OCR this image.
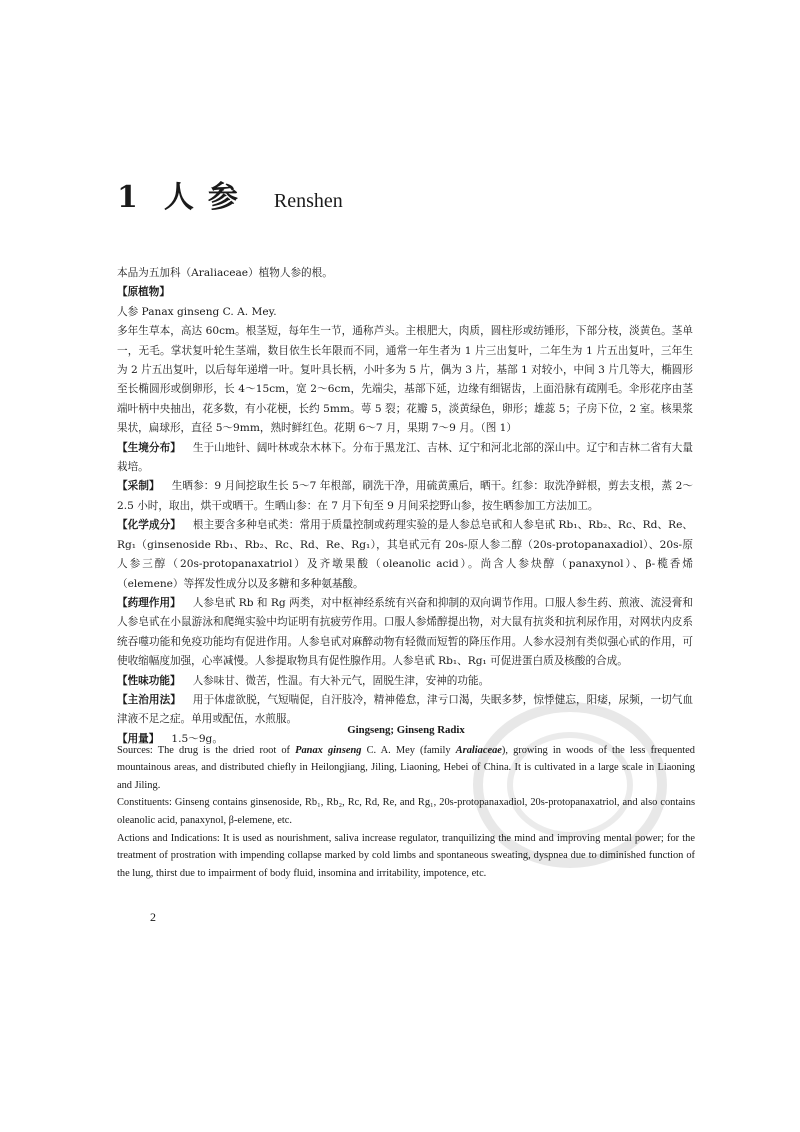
1 人参 Renshen

本品为五加科（Araliaceae）植物人参的根。

【原植物】

人参 Panax ginseng C. A. Mey.

多年生草本，高达 60cm。根茎短，每年生一节，通称芦头。主根肥大，肉质，圆柱形或纺锤形，下部分枝，淡黄色。茎单一，无毛。掌状复叶轮生茎端，数目依生长年限而不同，通常一年生者为 1 片三出复叶，二年生为 1 片五出复叶，三年生为 2 片五出复叶，以后每年递增一叶。复叶具长柄，小叶多为 5 片，偶为 3 片，基部 1 对较小，中间 3 片几等大，椭圆形至长椭圆形或倒卵形，长 4～15cm，宽 2～6cm，先端尖，基部下延，边缘有细锯齿，上面沿脉有疏刚毛。伞形花序由茎端叶柄中央抽出，花多数，有小花梗，长约 5mm。萼 5 裂；花瓣 5，淡黄绿色，卵形；雄蕊 5；子房下位，2 室。核果浆果状，扁球形，直径 5～9mm，熟时鲜红色。花期 6～7 月，果期 7～9 月。（图 1）

【生境分布】 生于山地针、阔叶林或杂木林下。分布于黑龙江、吉林、辽宁和河北北部的深山中。辽宁和吉林二省有大量栽培。

【采制】 生晒参：9 月间挖取生长 5～7 年根部，刷洗干净，用硫黄熏后，晒干。红参：取洗净鲜根，剪去支根，蒸 2～2.5 小时，取出，烘干或晒干。生晒山参：在 7 月下旬至 9 月间采挖野山参，按生晒参加工方法加工。

【化学成分】 根主要含多种皂甙类：常用于质量控制或药理实验的是人参总皂甙和人参皂甙 Rb₁、Rb₂、Rc、Rd、Re、Rg₁（ginsenoside Rb₁、Rb₂、Rc、Rd、Re、Rg₁），其皂甙元有 20s-原人参二醇（20s-protopanaxadiol）、20s-原人参三醇（20s-protopanaxatriol）及齐墩果酸（oleanolic acid）。尚含人参炔醇（panaxynol）、β-榄香烯（elemene）等挥发性成分以及多糖和多种氨基酸。

【药理作用】 人参皂甙 Rb 和 Rg 两类，对中枢神经系统有兴奋和抑制的双向调节作用。口服人参生药、煎液、流浸膏和人参皂甙在小鼠游泳和爬绳实验中均证明有抗疲劳作用。口服人参烯醇提出物，对大鼠有抗炎和抗利尿作用，对网状内皮系统吞噬功能和免疫功能均有促进作用。人参皂甙对麻醉动物有轻微而短暂的降压作用。人参水浸剂有类似强心甙的作用，可使收缩幅度加强，心率减慢。人参提取物具有促性腺作用。人参皂甙 Rb₁、Rg₁ 可促进蛋白质及核酸的合成。

【性味功能】 人参味甘、微苦，性温。有大补元气，固脱生津，安神的功能。

【主治用法】 用于体虚欲脱，气短喘促，自汗肢冷，精神倦怠，津亏口渴，失眠多梦，惊悸健忘，阳痿，尿频，一切气血津液不足之症。单用或配伍，水煎服。

【用量】 1.5～9g。

Gingseng; Ginseng Radix

Sources: The drug is the dried root of Panax ginseng C. A. Mey (family Araliaceae), growing in woods of the less frequented mountainous areas, and distributed chiefly in Heilongjiang, Jiling, Liaoning, Hebei of China. It is cultivated in a large scale in Liaoning and Jiling.

Constituents: Ginseng contains ginsenoside, Rb₁, Rb₂, Rc, Rd, Re, and Rg₁, 20s-protopanaxadiol, 20s-protopanaxatriol, and also contains oleanolic acid, panaxynol, β-elemene, etc.

Actions and Indications: It is used as nourishment, saliva increase regulator, tranquilizing the mind and improving mental power; for the treatment of prostration with impending collapse marked by cold limbs and spontaneous sweating, dyspnea due to diminished function of the lung, thirst due to impairment of body fluid, insomina and irritability, impotence, etc.

2
